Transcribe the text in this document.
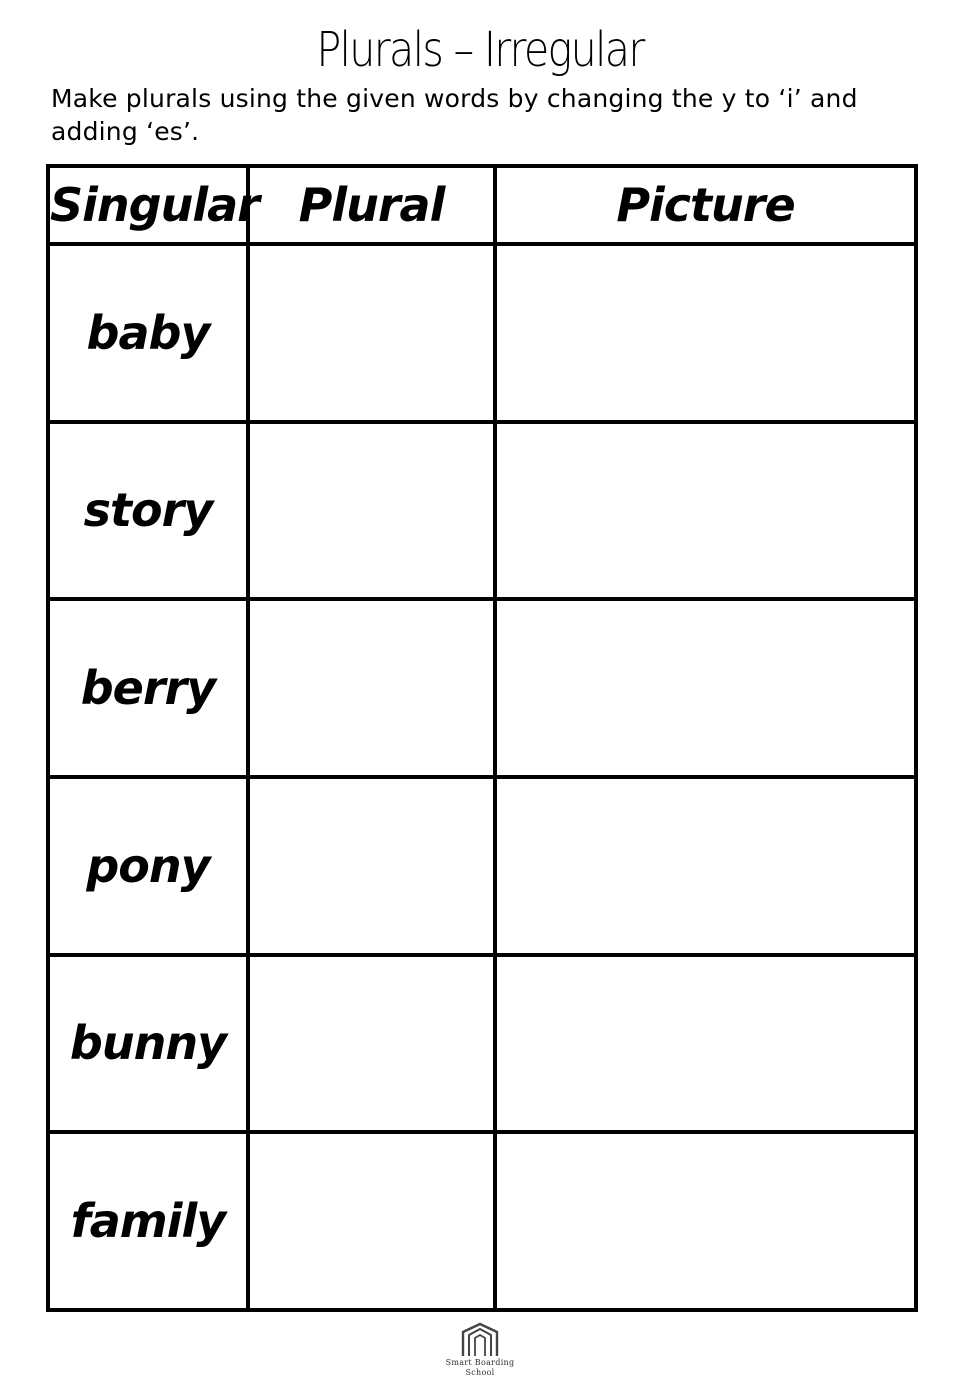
Plurals – Irregular
Make plurals using the given words by changing the y to ‘i’ and adding ‘es’.
Singular	Plural	Picture
baby		
story		
berry		
pony		
bunny		
family		
Smart Boarding
School
